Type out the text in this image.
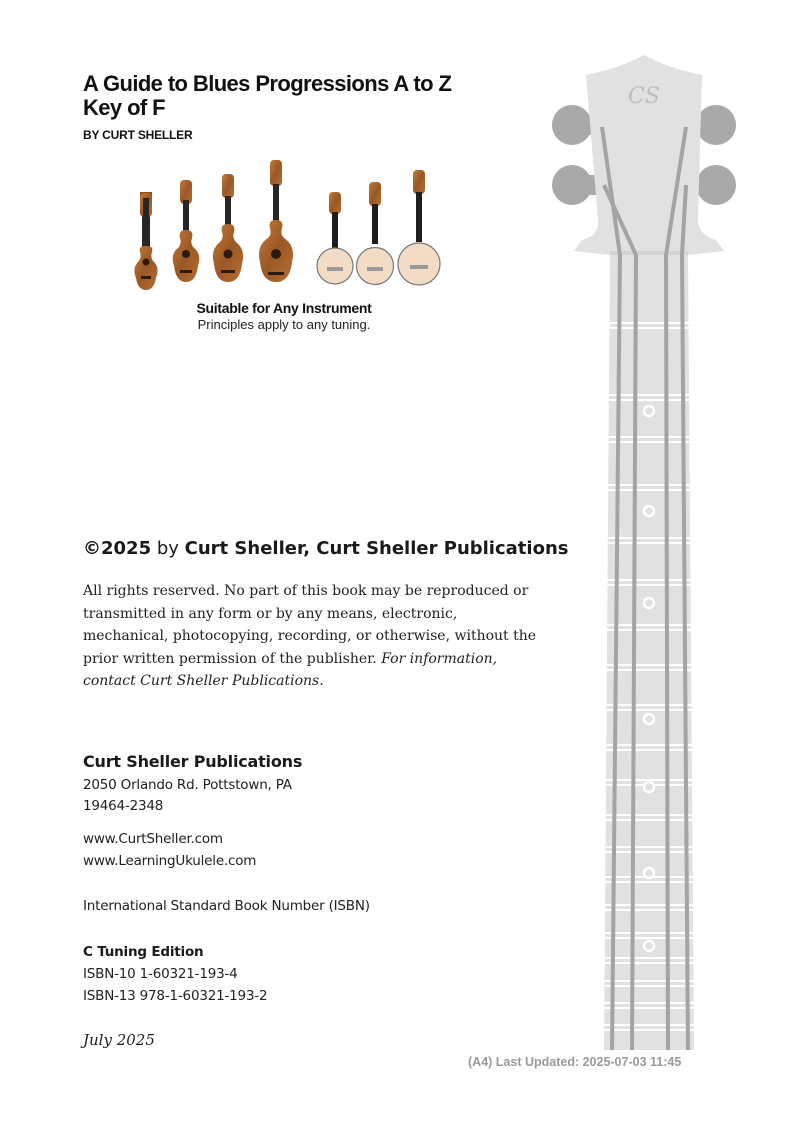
A Guide to Blues Progressions A to Z
Key of F
BY CURT SHELLER
Suitable for Any Instrument
Principles apply to any tuning.
©2025 by Curt Sheller, Curt Sheller Publications

All rights reserved. No part of this book may be reproduced or transmitted in any form or by any means, electronic, mechanical, photocopying, recording, or otherwise, without the prior written permission of the publisher. For information, contact Curt Sheller Publications.

Curt Sheller Publications
2050 Orlando Rd. Pottstown, PA
19464-2348
www.CurtSheller.com
www.LearningUkulele.com
International Standard Book Number (ISBN)
C Tuning Edition
ISBN-10 1-60321-193-4
ISBN-13 978-1-60321-193-2
July 2025
(A4) Last Updated: 2025-07-03 11:45
CS
